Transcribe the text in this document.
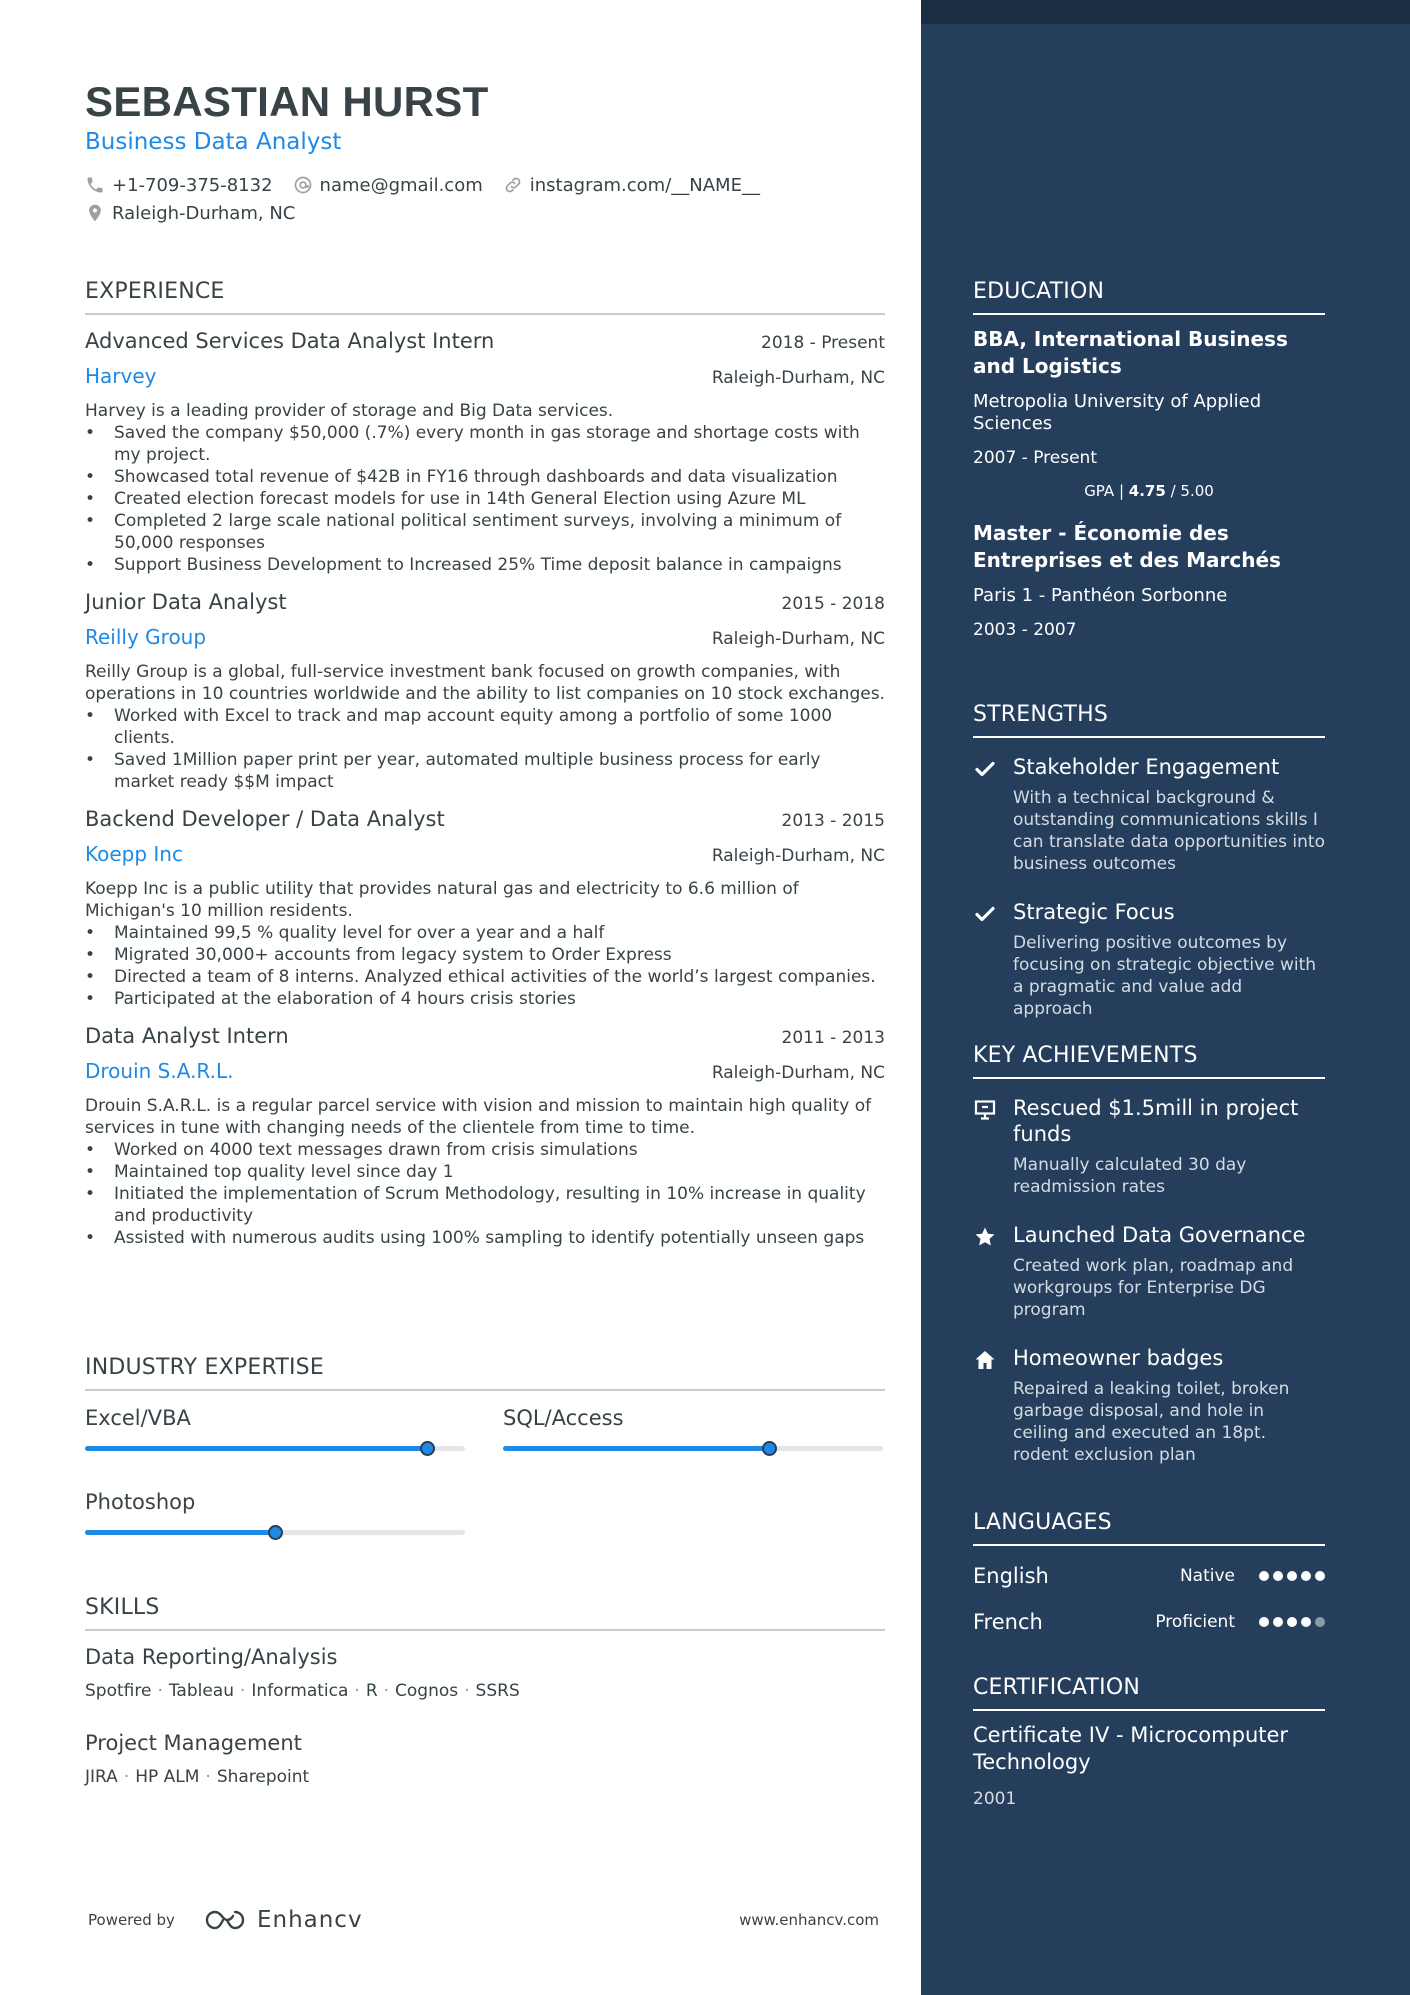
SEBASTIAN HURST
Business Data Analyst
+1-709-375-8132	name@gmail.com	instagram.com/__NAME__
Raleigh-Durham, NC
EXPERIENCE
Advanced Services Data Analyst Intern	2018 - Present
Harvey	Raleigh-Durham, NC
Harvey is a leading provider of storage and Big Data services.
• Saved the company $50,000 (.7%) every month in gas storage and shortage costs with my project.
• Showcased total revenue of $42B in FY16 through dashboards and data visualization
• Created election forecast models for use in 14th General Election using Azure ML
• Completed 2 large scale national political sentiment surveys, involving a minimum of 50,000 responses
• Support Business Development to Increased 25% Time deposit balance in campaigns
Junior Data Analyst	2015 - 2018
Reilly Group	Raleigh-Durham, NC
Reilly Group is a global, full-service investment bank focused on growth companies, with operations in 10 countries worldwide and the ability to list companies on 10 stock exchanges.
• Worked with Excel to track and map account equity among a portfolio of some 1000 clients.
• Saved 1Million paper print per year, automated multiple business process for early market ready $$M impact
Backend Developer / Data Analyst	2013 - 2015
Koepp Inc	Raleigh-Durham, NC
Koepp Inc is a public utility that provides natural gas and electricity to 6.6 million of Michigan's 10 million residents.
• Maintained 99,5 % quality level for over a year and a half
• Migrated 30,000+ accounts from legacy system to Order Express
• Directed a team of 8 interns. Analyzed ethical activities of the world’s largest companies.
• Participated at the elaboration of 4 hours crisis stories
Data Analyst Intern	2011 - 2013
Drouin S.A.R.L.	Raleigh-Durham, NC
Drouin S.A.R.L. is a regular parcel service with vision and mission to maintain high quality of services in tune with changing needs of the clientele from time to time.
• Worked on 4000 text messages drawn from crisis simulations
• Maintained top quality level since day 1
• Initiated the implementation of Scrum Methodology, resulting in 10% increase in quality and productivity
• Assisted with numerous audits using 100% sampling to identify potentially unseen gaps
INDUSTRY EXPERTISE
Excel/VBA	SQL/Access
Photoshop
SKILLS
Data Reporting/Analysis
Spotfire · Tableau · Informatica · R · Cognos · SSRS
Project Management
JIRA · HP ALM · Sharepoint
Powered by	Enhancv	www.enhancv.com
EDUCATION
BBA, International Business and Logistics
Metropolia University of Applied Sciences
2007 - Present
GPA | 4.75 / 5.00
Master - Économie des Entreprises et des Marchés
Paris 1 - Panthéon Sorbonne
2003 - 2007
STRENGTHS
Stakeholder Engagement
With a technical background & outstanding communications skills I can translate data opportunities into business outcomes
Strategic Focus
Delivering positive outcomes by focusing on strategic objective with a pragmatic and value add approach
KEY ACHIEVEMENTS
Rescued $1.5mill in project funds
Manually calculated 30 day readmission rates
Launched Data Governance
Created work plan, roadmap and workgroups for Enterprise DG program
Homeowner badges
Repaired a leaking toilet, broken garbage disposal, and hole in ceiling and executed an 18pt. rodent exclusion plan
LANGUAGES
English	Native
French	Proficient
CERTIFICATION
Certificate IV - Microcomputer Technology
2001
